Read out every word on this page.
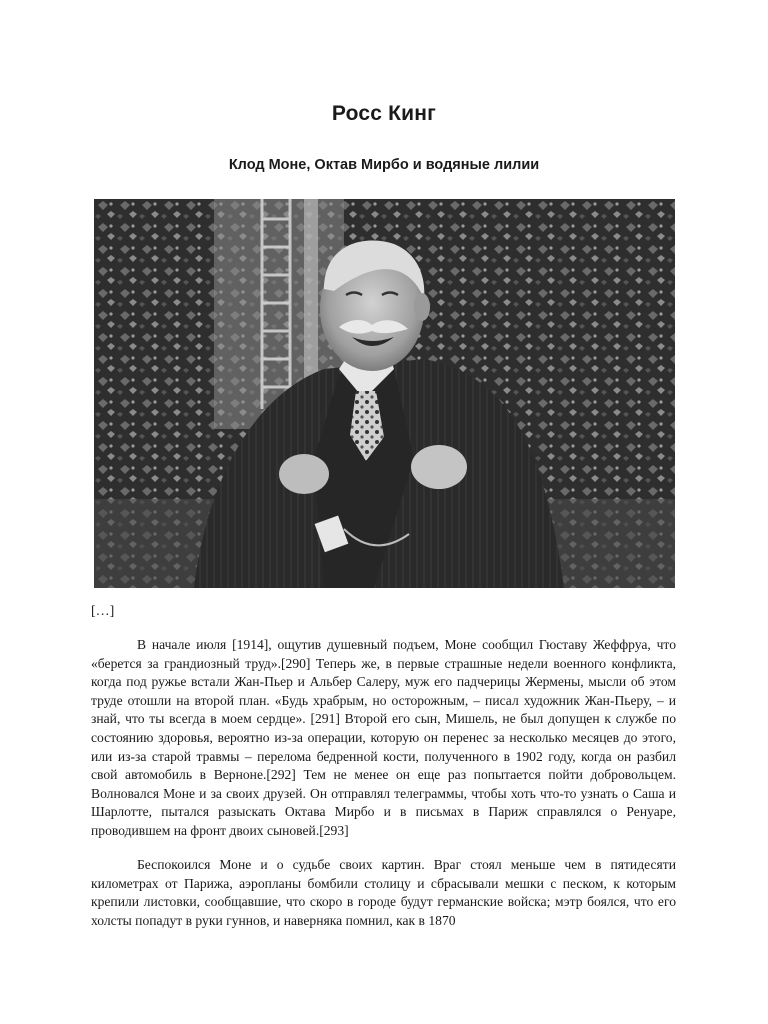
Росс Кинг
Клод Моне, Октав Мирбо и водяные лилии
[…]

В начале июля [1914], ощутив душевный подъем, Моне сообщил Гюставу Жеффруа, что «берется за грандиозный труд».[290] Теперь же, в первые страшные недели военного конфликта, когда под ружье встали Жан-Пьер и Альбер Салеру, муж его падчерицы Жермены, мысли об этом труде отошли на второй план. «Будь храбрым, но осторожным, – писал художник Жан-Пьеру, – и знай, что ты всегда в моем сердце». [291] Второй его сын, Мишель, не был допущен к службе по состоянию здоровья, вероятно из-за операции, которую он перенес за несколько месяцев до этого, или из-за старой травмы – перелома бедренной кости, полученного в 1902 году, когда он разбил свой автомобиль в Верноне.[292] Тем не менее он еще раз попытается пойти добровольцем. Волновался Моне и за своих друзей. Он отправлял телеграммы, чтобы хоть что-то узнать о Саша и Шарлотте, пытался разыскать Октава Мирбо и в письмах в Париж справлялся о Ренуаре, проводившем на фронт двоих сыновей.[293]

Беспокоился Моне и о судьбе своих картин. Враг стоял меньше чем в пятидесяти километрах от Парижа, аэропланы бомбили столицу и сбрасывали мешки с песком, к которым крепили листовки, сообщавшие, что скоро в городе будут германские войска; мэтр боялся, что его холсты попадут в руки гуннов, и наверняка помнил, как в 1870
